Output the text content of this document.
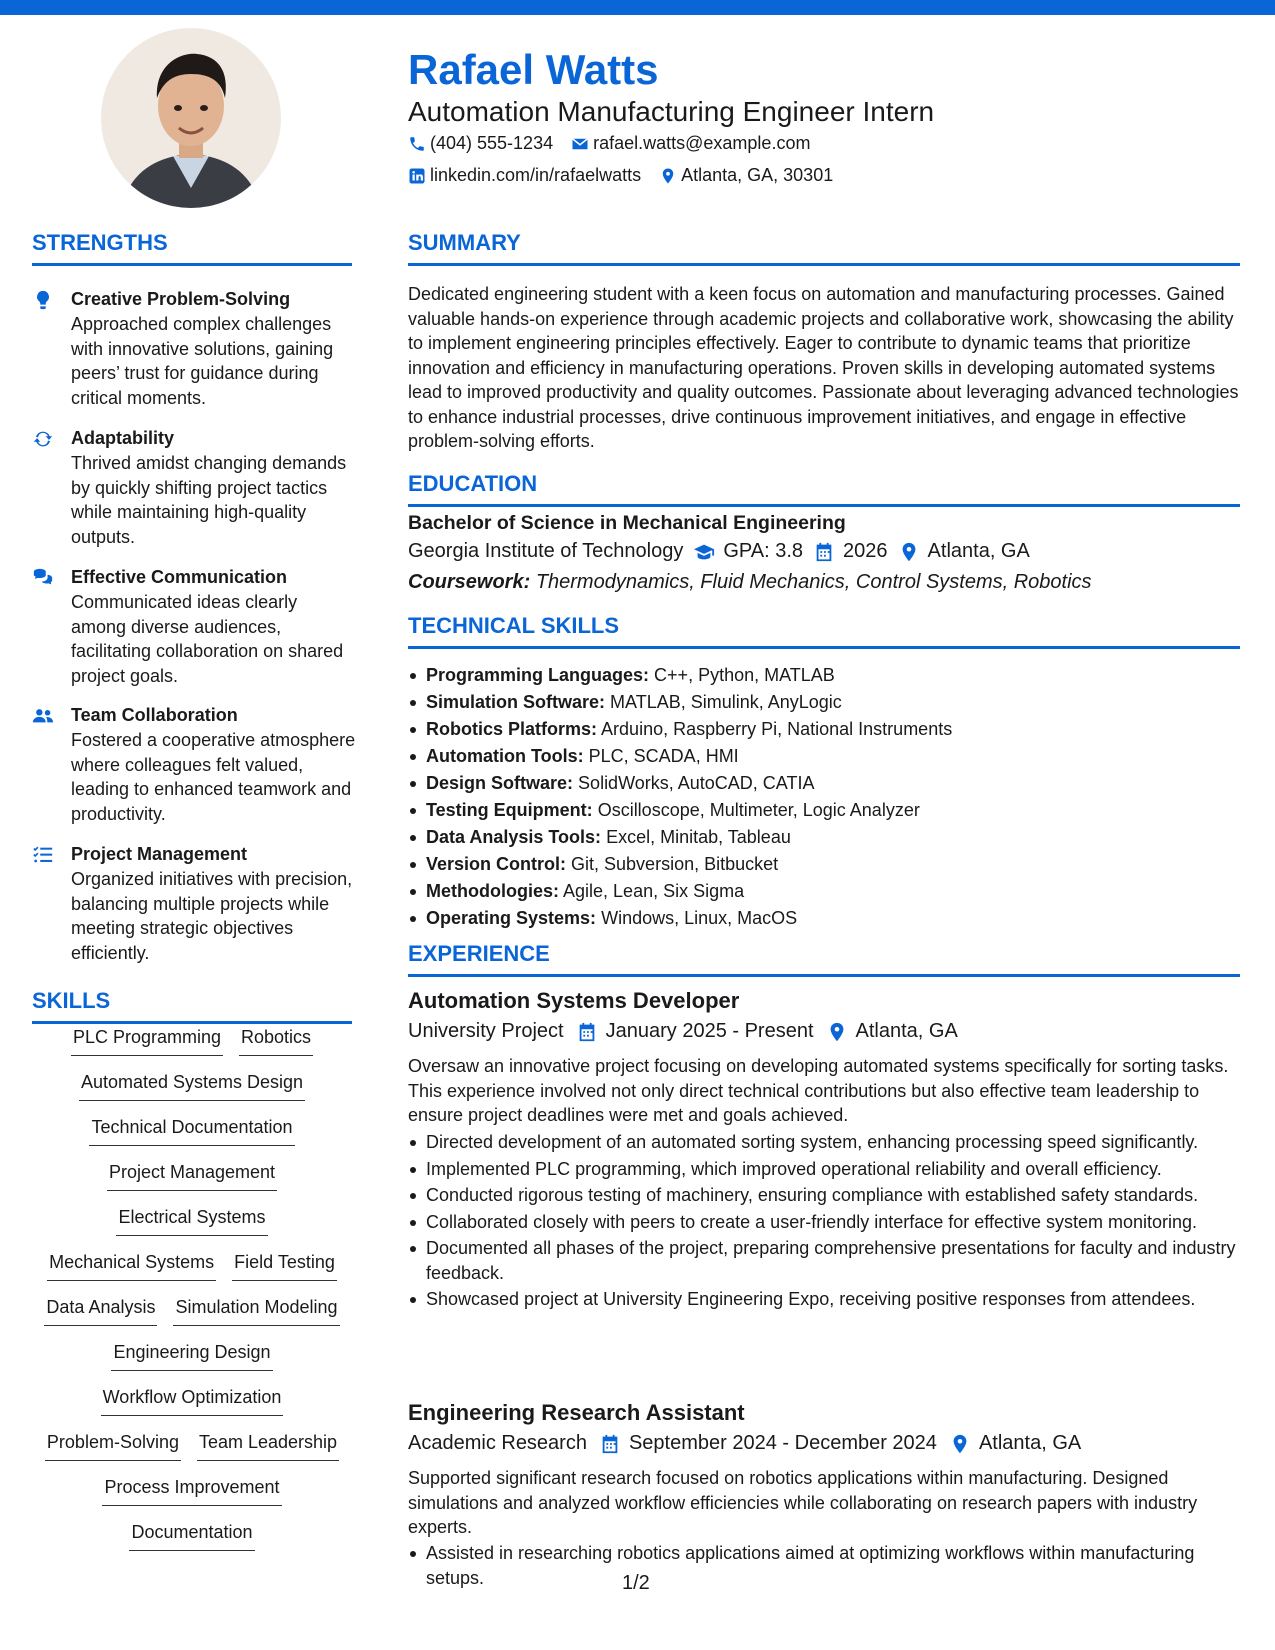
Rafael Watts
Automation Manufacturing Engineer Intern
(404) 555-1234 rafael.watts@example.com
linkedin.com/in/rafaelwatts Atlanta, GA, 30301
STRENGTHS
Creative Problem-Solving
Approached complex challenges with innovative solutions, gaining peers’ trust for guidance during critical moments.
Adaptability
Thrived amidst changing demands by quickly shifting project tactics while maintaining high-quality outputs.
Effective Communication
Communicated ideas clearly among diverse audiences, facilitating collaboration on shared project goals.
Team Collaboration
Fostered a cooperative atmosphere where colleagues felt valued, leading to enhanced teamwork and productivity.
Project Management
Organized initiatives with precision, balancing multiple projects while meeting strategic objectives efficiently.
SKILLS
PLC Programming Robotics
Automated Systems Design
Technical Documentation
Project Management
Electrical Systems
Mechanical Systems Field Testing
Data Analysis Simulation Modeling
Engineering Design
Workflow Optimization
Problem-Solving Team Leadership
Process Improvement
Documentation
SUMMARY
Dedicated engineering student with a keen focus on automation and manufacturing processes. Gained valuable hands-on experience through academic projects and collaborative work, showcasing the ability to implement engineering principles effectively. Eager to contribute to dynamic teams that prioritize innovation and efficiency in manufacturing operations. Proven skills in developing automated systems lead to improved productivity and quality outcomes. Passionate about leveraging advanced technologies to enhance industrial processes, drive continuous improvement initiatives, and engage in effective problem-solving efforts.
EDUCATION
Bachelor of Science in Mechanical Engineering
Georgia Institute of Technology GPA: 3.8 2026 Atlanta, GA
Coursework: Thermodynamics, Fluid Mechanics, Control Systems, Robotics
TECHNICAL SKILLS
Programming Languages: C++, Python, MATLAB
Simulation Software: MATLAB, Simulink, AnyLogic
Robotics Platforms: Arduino, Raspberry Pi, National Instruments
Automation Tools: PLC, SCADA, HMI
Design Software: SolidWorks, AutoCAD, CATIA
Testing Equipment: Oscilloscope, Multimeter, Logic Analyzer
Data Analysis Tools: Excel, Minitab, Tableau
Version Control: Git, Subversion, Bitbucket
Methodologies: Agile, Lean, Six Sigma
Operating Systems: Windows, Linux, MacOS
EXPERIENCE
Automation Systems Developer
University Project January 2025 - Present Atlanta, GA
Oversaw an innovative project focusing on developing automated systems specifically for sorting tasks. This experience involved not only direct technical contributions but also effective team leadership to ensure project deadlines were met and goals achieved.
Directed development of an automated sorting system, enhancing processing speed significantly.
Implemented PLC programming, which improved operational reliability and overall efficiency.
Conducted rigorous testing of machinery, ensuring compliance with established safety standards.
Collaborated closely with peers to create a user-friendly interface for effective system monitoring.
Documented all phases of the project, preparing comprehensive presentations for faculty and industry feedback.
Showcased project at University Engineering Expo, receiving positive responses from attendees.
Engineering Research Assistant
Academic Research September 2024 - December 2024 Atlanta, GA
Supported significant research focused on robotics applications within manufacturing. Designed simulations and analyzed workflow efficiencies while collaborating on research papers with industry experts.
Assisted in researching robotics applications aimed at optimizing workflows within manufacturing setups.	1/2
